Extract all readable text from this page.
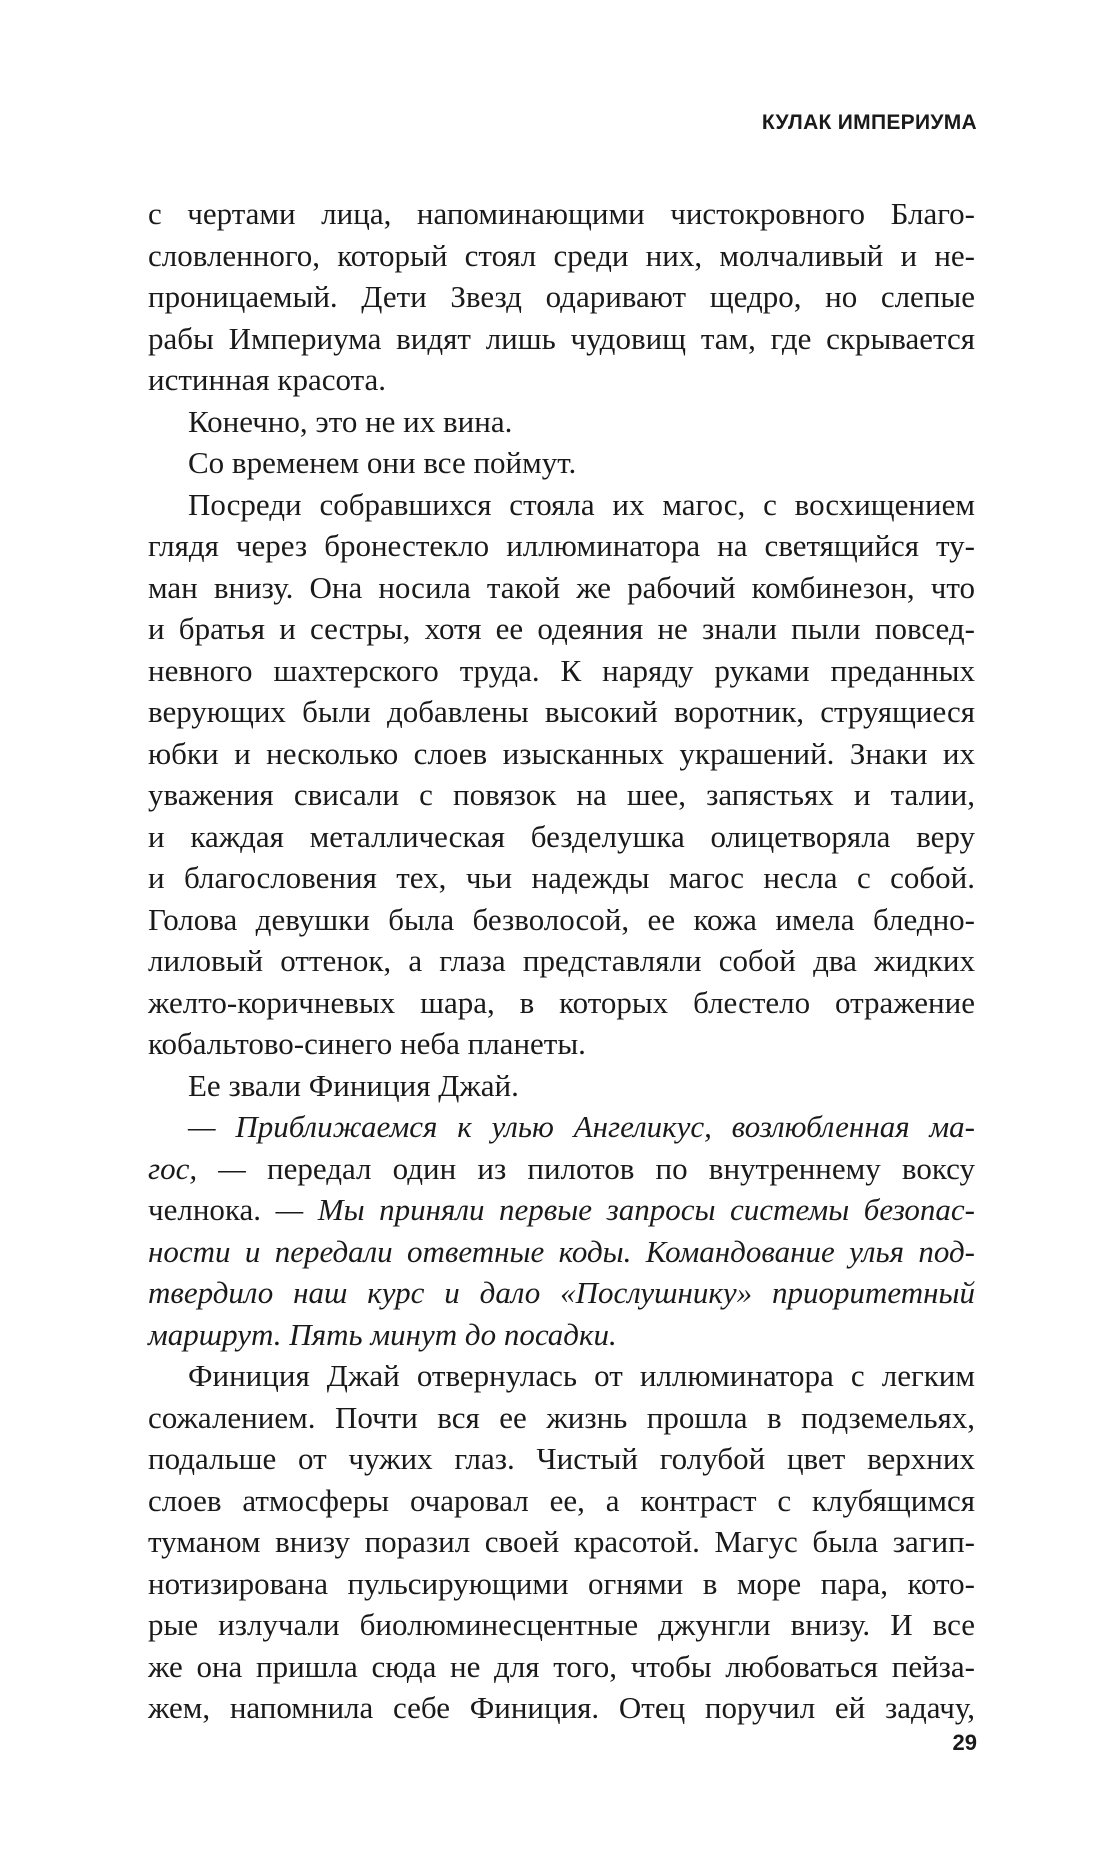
КУЛАК ИМПЕРИУМА
с чертами лица, напоминающими чистокровного Благо-
словленного, который стоял среди них, молчаливый и не-
проницаемый. Дети Звезд одаривают щедро, но слепые
рабы Империума видят лишь чудовищ там, где скрывается
истинная красота.
Конечно, это не их вина.
Со временем они все поймут.
Посреди собравшихся стояла их магос, с восхищением
глядя через бронестекло иллюминатора на светящийся ту-
ман внизу. Она носила такой же рабочий комбинезон, что
и братья и сестры, хотя ее одеяния не знали пыли повсед-
невного шахтерского труда. К наряду руками преданных
верующих были добавлены высокий воротник, струящиеся
юбки и несколько слоев изысканных украшений. Знаки их
уважения свисали с повязок на шее, запястьях и талии,
и каждая металлическая безделушка олицетворяла веру
и благословения тех, чьи надежды магос несла с собой.
Голова девушки была безволосой, ее кожа имела бледно-
лиловый оттенок, а глаза представляли собой два жидких
желто-коричневых шара, в которых блестело отражение
кобальтово-синего неба планеты.
Ее звали Финиция Джай.
— Приближаемся к улью Ангеликус, возлюбленная ма-
гос, — передал один из пилотов по внутреннему воксу
челнока. — Мы приняли первые запросы системы безопас-
ности и передали ответные коды. Командование улья под-
твердило наш курс и дало «Послушнику» приоритетный
маршрут. Пять минут до посадки.
Финиция Джай отвернулась от иллюминатора с легким
сожалением. Почти вся ее жизнь прошла в подземельях,
подальше от чужих глаз. Чистый голубой цвет верхних
слоев атмосферы очаровал ее, а контраст с клубящимся
туманом внизу поразил своей красотой. Магус была загип-
нотизирована пульсирующими огнями в море пара, кото-
рые излучали биолюминесцентные джунгли внизу. И все
же она пришла сюда не для того, чтобы любоваться пейза-
жем, напомнила себе Финиция. Отец поручил ей задачу,
29
